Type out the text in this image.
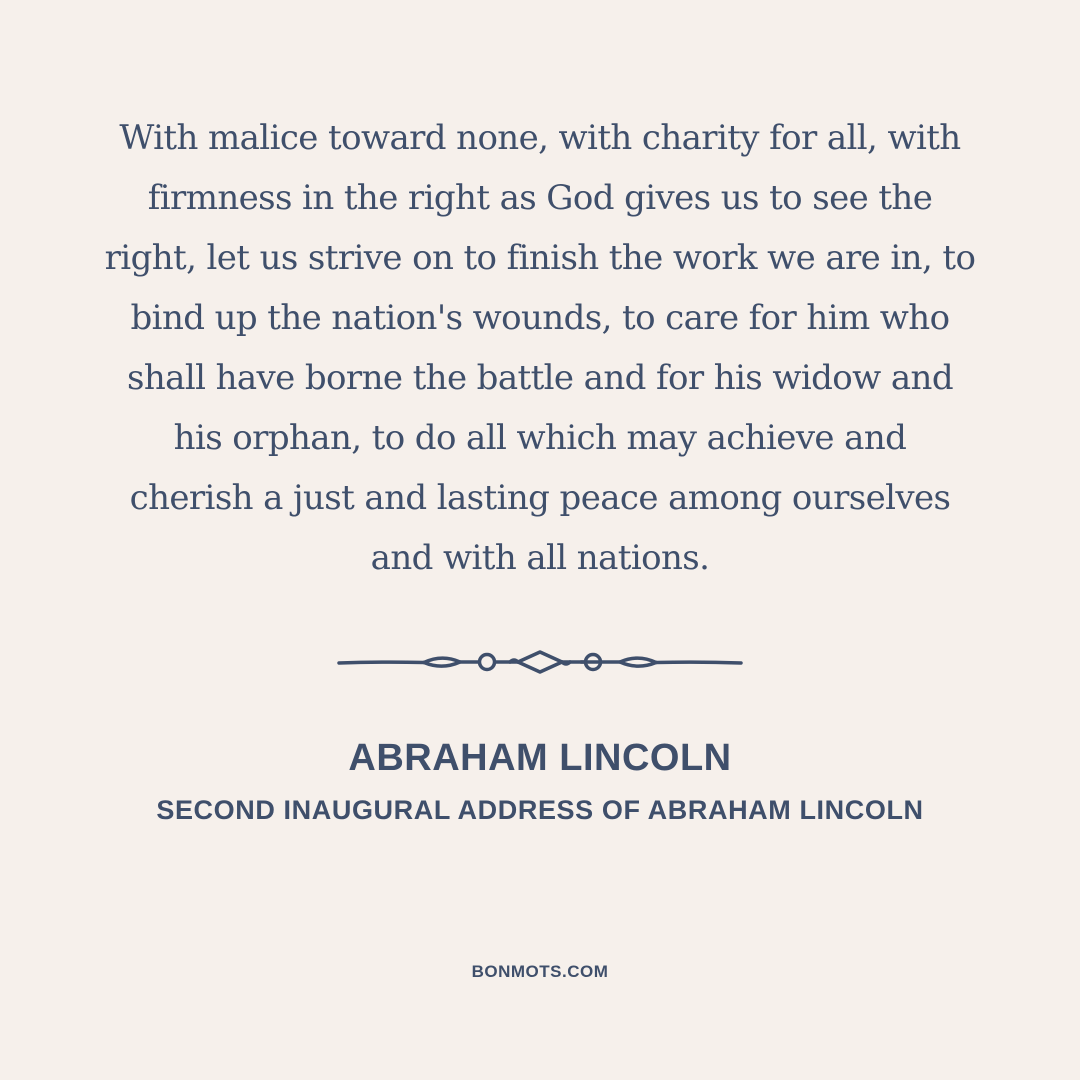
With malice toward none, with charity for all, with
firmness in the right as God gives us to see the
right, let us strive on to finish the work we are in, to
bind up the nation's wounds, to care for him who
shall have borne the battle and for his widow and
his orphan, to do all which may achieve and
cherish a just and lasting peace among ourselves
and with all nations.

ABRAHAM LINCOLN
SECOND INAUGURAL ADDRESS OF ABRAHAM LINCOLN
BONMOTS.COM
